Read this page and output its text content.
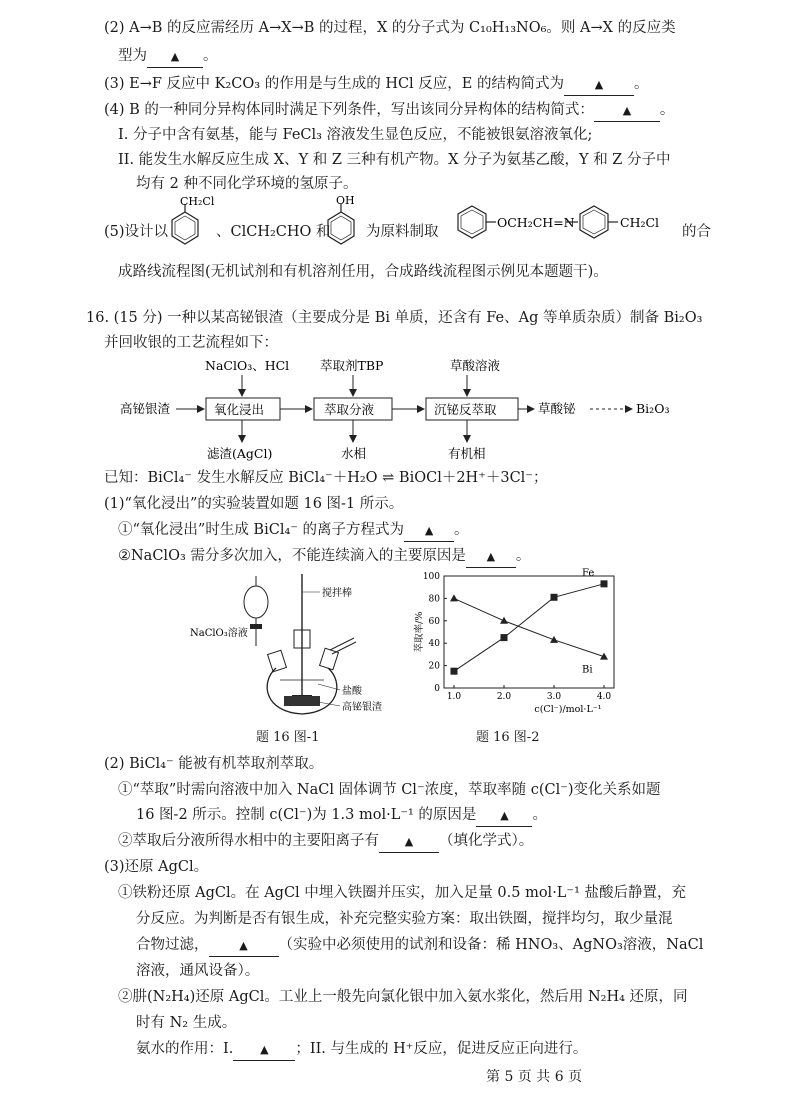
(2) A→B 的反应需经历 A→X→B 的过程，X 的分子式为 C₁₀H₁₃NO₆。则 A→X 的反应类
型为 ▲ 。
(3) E→F 反应中 K₂CO₃ 的作用是与生成的 HCl 反应，E 的结构简式为	▲ 。
(4) B 的一种同分异构体同时满足下列条件，写出该同分异构体的结构简式：	▲ 。
I. 分子中含有氨基，能与 FeCl₃ 溶液发生显色反应，不能被银氨溶液氧化;
II. 能发生水解反应生成 X、Y 和 Z 三种有机产物。X 分子为氨基乙酸，Y 和 Z 分子中
均有 2 种不同化学环境的氢原子。
(5)设计以
CH₂Cl
、ClCH₂CHO 和
OH
为原料制取
OCH₂CH=N	CH₂Cl
的合
成路线流程图(无机试剂和有机溶剂任用，合成路线流程图示例见本题题干)。
16. (15 分) 一种以某高铋银渣（主要成分是 Bi 单质，还含有 Fe、Ag 等单质杂质）制备 Bi₂O₃
并回收银的工艺流程如下：
NaClO₃、HCl 萃取剂TBP	草酸溶液
高铋银渣	氧化浸出	萃取分液	沉铋反萃取	草酸铋	Bi₂O₃
滤渣(AgCl)	水相	有机相
已知：BiCl₄⁻ 发生水解反应 BiCl₄⁻＋H₂O ⇌ BiOCl＋2H⁺＋3Cl⁻；
(1)“氧化浸出”的实验装置如题 16 图-1 所示。
①“氧化浸出”时生成 BiCl₄⁻ 的离子方程式为 ▲ 。
②NaClO₃ 需分多次加入，不能连续滴入的主要原因是 ▲ 。
搅拌棒
NaClO₃溶液
盐酸
高铋银渣
题 16 图-1
0
20
40
60
80
100
1.0	2.0	3.0	4.0
c(Cl⁻)/mol·L⁻¹
萃取率/%
Fe
Bi
题 16 图-2
(2) BiCl₄⁻ 能被有机萃取剂萃取。
①“萃取”时需向溶液中加入 NaCl 固体调节 Cl⁻浓度，萃取率随 c(Cl⁻)变化关系如题
16 图-2 所示。控制 c(Cl⁻)为 1.3 mol·L⁻¹ 的原因是 ▲ 。
②萃取后分液所得水相中的主要阳离子有 ▲ （填化学式）。
(3)还原 AgCl。
①铁粉还原 AgCl。在 AgCl 中埋入铁圈并压实，加入足量 0.5 mol·L⁻¹ 盐酸后静置，充
分反应。为判断是否有银生成，补充完整实验方案：取出铁圈，搅拌均匀，取少量混
合物过滤，	▲ （实验中必须使用的试剂和设备：稀 HNO₃、AgNO₃溶液，NaCl
溶液，通风设备）。
②肼(N₂H₄)还原 AgCl。工业上一般先向氯化银中加入氨水浆化，然后用 N₂H₄ 还原，同
时有 N₂ 生成。
氨水的作用：I. ▲ ；II. 与生成的 H⁺反应，促进反应正向进行。
第 5 页 共 6 页
